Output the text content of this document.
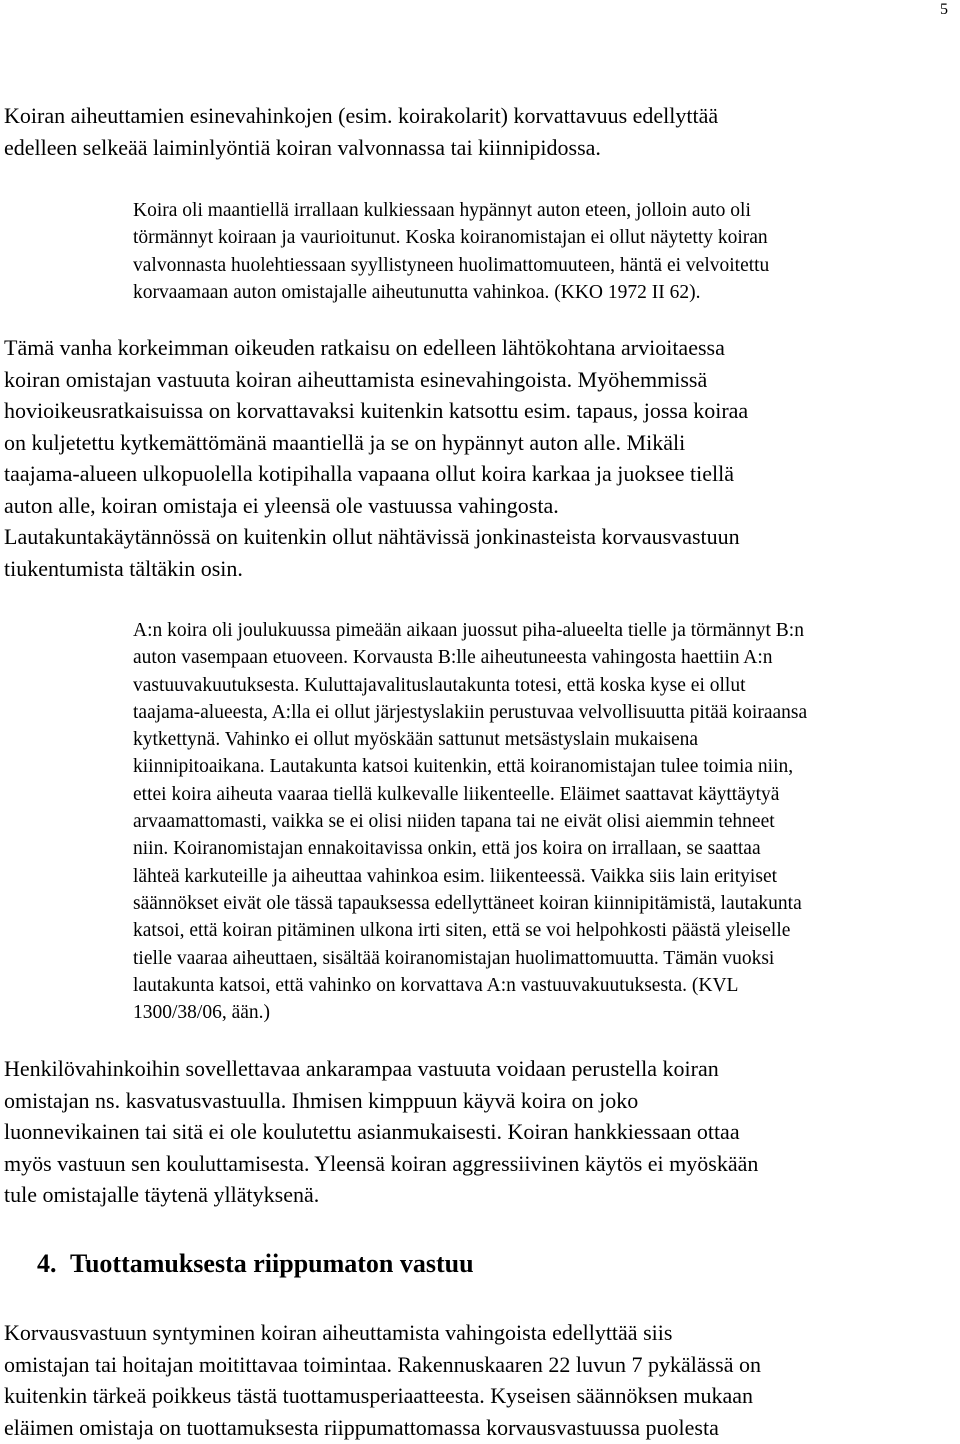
5
Koiran aiheuttamien esinevahinkojen (esim. koirakolarit) korvattavuus edellyttää
edelleen selkeää laiminlyöntiä koiran valvonnassa tai kiinnipidossa.
Koira oli maantiellä irrallaan kulkiessaan hypännyt auton eteen, jolloin auto oli
törmännyt koiraan ja vaurioitunut. Koska koiranomistajan ei ollut näytetty koiran
valvonnasta huolehtiessaan syyllistyneen huolimattomuuteen, häntä ei velvoitettu
korvaamaan auton omistajalle aiheutunutta vahinkoa. (KKO 1972 II 62).
Tämä vanha korkeimman oikeuden ratkaisu on edelleen lähtökohtana arvioitaessa
koiran omistajan vastuuta koiran aiheuttamista esinevahingoista. Myöhemmissä
hovioikeusratkaisuissa on korvattavaksi kuitenkin katsottu esim. tapaus, jossa koiraa
on kuljetettu kytkemättömänä maantiellä ja se on hypännyt auton alle. Mikäli
taajama-alueen ulkopuolella kotipihalla vapaana ollut koira karkaa ja juoksee tiellä
auton alle, koiran omistaja ei yleensä ole vastuussa vahingosta.
Lautakuntakäytännössä on kuitenkin ollut nähtävissä jonkinasteista korvausvastuun
tiukentumista tältäkin osin.
A:n koira oli joulukuussa pimeään aikaan juossut piha-alueelta tielle ja törmännyt B:n
auton vasempaan etuoveen. Korvausta B:lle aiheutuneesta vahingosta haettiin A:n
vastuuvakuutuksesta. Kuluttajavalituslautakunta totesi, että koska kyse ei ollut
taajama-alueesta, A:lla ei ollut järjestyslakiin perustuvaa velvollisuutta pitää koiraansa
kytkettynä. Vahinko ei ollut myöskään sattunut metsästyslain mukaisena
kiinnipitoaikana. Lautakunta katsoi kuitenkin, että koiranomistajan tulee toimia niin,
ettei koira aiheuta vaaraa tiellä kulkevalle liikenteelle. Eläimet saattavat käyttäytyä
arvaamattomasti, vaikka se ei olisi niiden tapana tai ne eivät olisi aiemmin tehneet
niin. Koiranomistajan ennakoitavissa onkin, että jos koira on irrallaan, se saattaa
lähteä karkuteille ja aiheuttaa vahinkoa esim. liikenteessä. Vaikka siis lain erityiset
säännökset eivät ole tässä tapauksessa edellyttäneet koiran kiinnipitämistä, lautakunta
katsoi, että koiran pitäminen ulkona irti siten, että se voi helpohkosti päästä yleiselle
tielle vaaraa aiheuttaen, sisältää koiranomistajan huolimattomuutta. Tämän vuoksi
lautakunta katsoi, että vahinko on korvattava A:n vastuuvakuutuksesta. (KVL
1300/38/06, ään.)
Henkilövahinkoihin sovellettavaa ankarampaa vastuuta voidaan perustella koiran
omistajan ns. kasvatusvastuulla. Ihmisen kimppuun käyvä koira on joko
luonnevikainen tai sitä ei ole koulutettu asianmukaisesti. Koiran hankkiessaan ottaa
myös vastuun sen kouluttamisesta. Yleensä koiran aggressiivinen käytös ei myöskään
tule omistajalle täytenä yllätyksenä.
4. Tuottamuksesta riippumaton vastuu
Korvausvastuun syntyminen koiran aiheuttamista vahingoista edellyttää siis
omistajan tai hoitajan moitittavaa toimintaa. Rakennuskaaren 22 luvun 7 pykälässä on
kuitenkin tärkeä poikkeus tästä tuottamusperiaatteesta. Kyseisen säännöksen mukaan
eläimen omistaja on tuottamuksesta riippumattomassa korvausvastuussa puolesta
